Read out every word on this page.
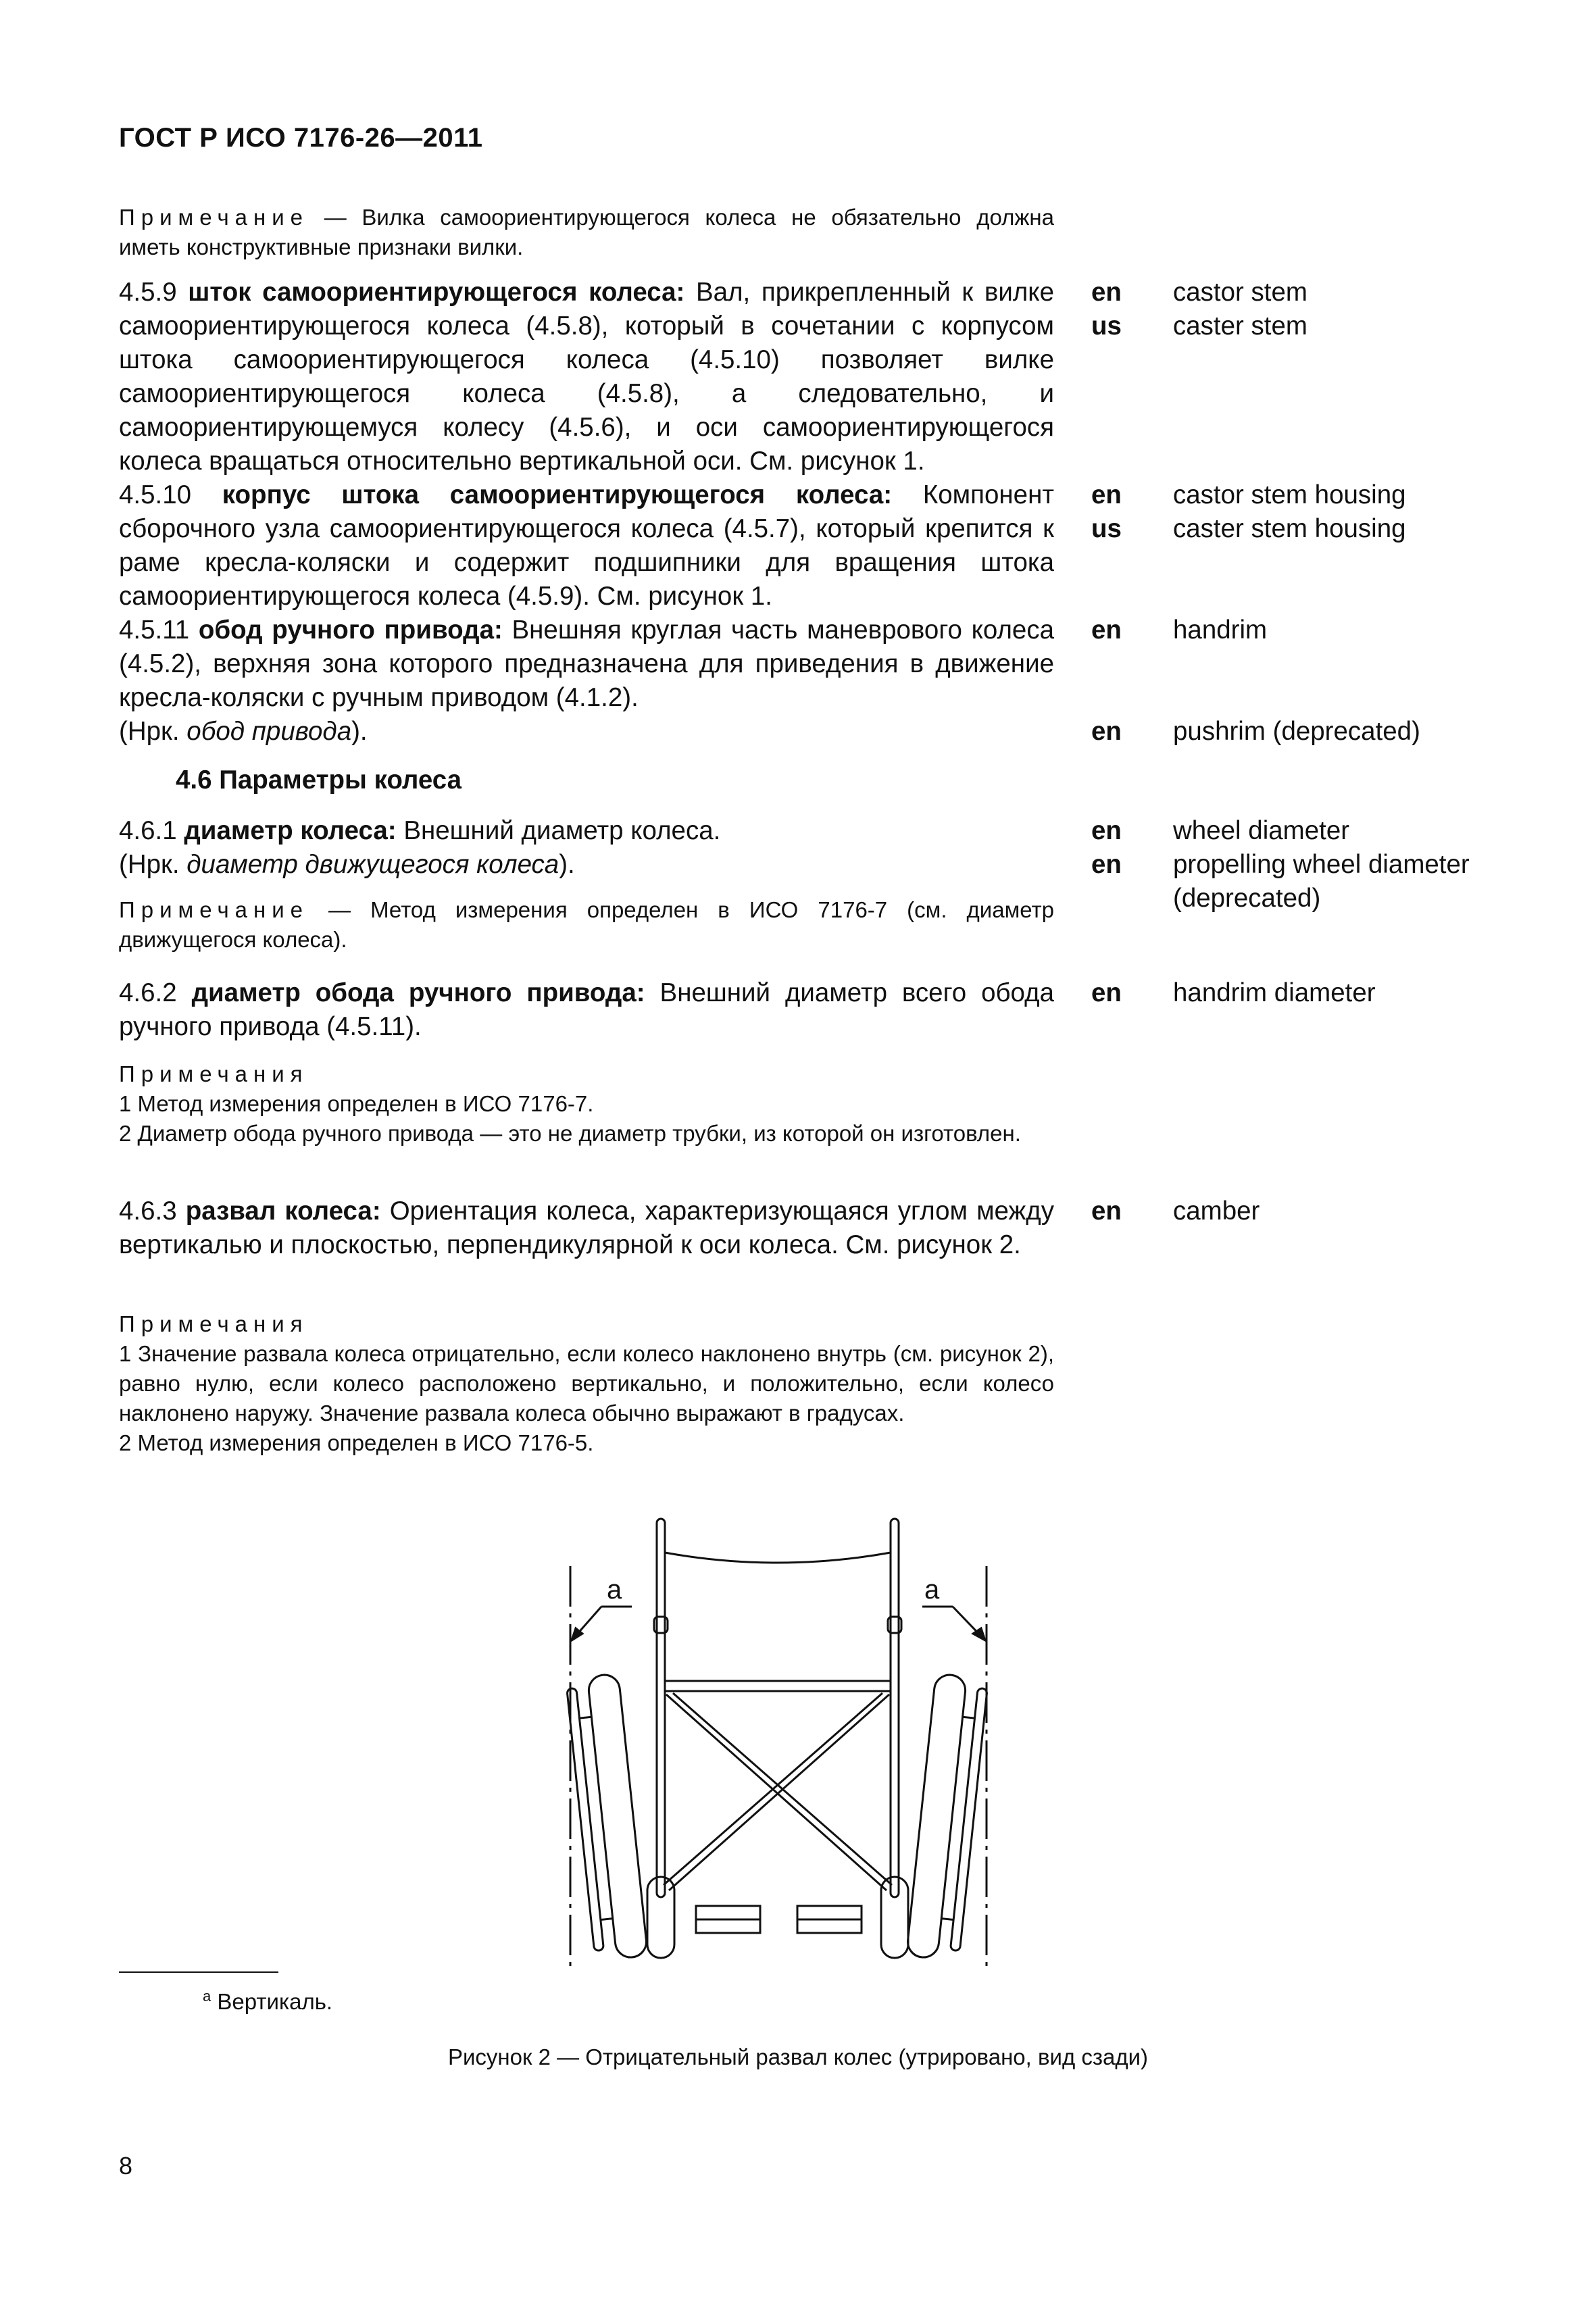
ГОСТ Р ИСО 7176-26—2011
Примечание — Вилка самоориентирующегося колеса не обязательно должна иметь конструктивные признаки вилки.
4.5.9 шток самоориентирующегося колеса: Вал, прикрепленный к вилке самоориентирующегося колеса (4.5.8), который в сочетании с корпусом штока самоориентирующегося колеса (4.5.10) позволяет вилке самоориентирующегося колеса (4.5.8), а следовательно, и самоориентирующемуся колесу (4.5.6), и оси самоориентирующегося колеса вращаться относительно вертикальной оси. См. рисунок 1.
en castor stem
us caster stem
4.5.10 корпус штока самоориентирующегося колеса: Компонент сборочного узла самоориентирующегося колеса (4.5.7), который крепится к раме кресла-коляски и содержит подшипники для вращения штока самоориентирующегося колеса (4.5.9). См. рисунок 1.
en castor stem housing
us caster stem housing
4.5.11 обод ручного привода: Внешняя круглая часть маневрового колеса (4.5.2), верхняя зона которого предназначена для приведения в движение кресла-коляски с ручным приводом (4.1.2).
(Нрк. обод привода).
en handrim
en pushrim (deprecated)
4.6 Параметры колеса
4.6.1 диаметр колеса: Внешний диаметр колеса.
(Нрк. диаметр движущегося колеса).
Примечание — Метод измерения определен в ИСО 7176-7 (см. диаметр движущегося колеса).
en wheel diameter
en propelling wheel diameter (deprecated)
4.6.2 диаметр обода ручного привода: Внешний диаметр всего обода ручного привода (4.5.11).
Примечания
1 Метод измерения определен в ИСО 7176-7.
2 Диаметр обода ручного привода — это не диаметр трубки, из которой он изготовлен.
en handrim diameter
4.6.3 развал колеса: Ориентация колеса, характеризующаяся углом между вертикалью и плоскостью, перпендикулярной к оси колеса. См. рисунок 2.
Примечания
1 Значение развала колеса отрицательно, если колесо наклонено внутрь (см. рисунок 2), равно нулю, если колесо расположено вертикально, и положительно, если колесо наклонено наружу. Значение развала колеса обычно выражают в градусах.
2 Метод измерения определен в ИСО 7176-5.
en camber
a	a
$^a$ Вертикаль.
Рисунок 2 — Отрицательный развал колес (утрировано, вид сзади)
8
